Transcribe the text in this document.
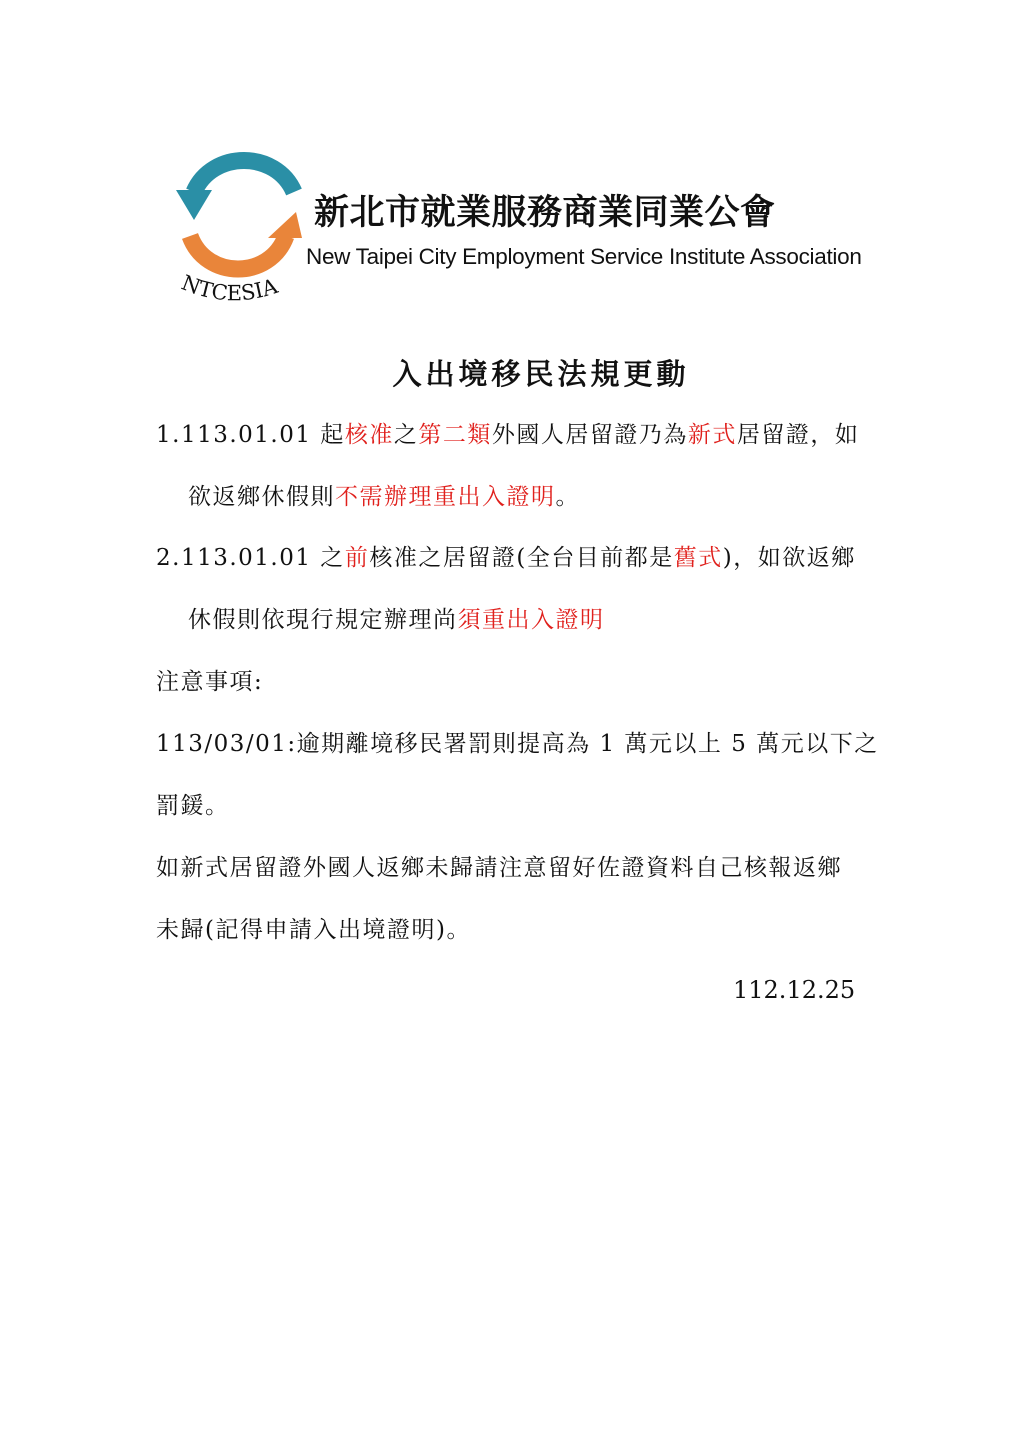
NTCESIA
新北市就業服務商業同業公會
New Taipei City Employment Service Institute Association
入出境移民法規更動
1.113.01.01 起核准之第二類外國人居留證乃為新式居留證，如
欲返鄉休假則不需辦理重出入證明。
2.113.01.01 之前核准之居留證(全台目前都是舊式)，如欲返鄉
休假則依現行規定辦理尚須重出入證明
注意事項:
113/03/01:逾期離境移民署罰則提高為 1 萬元以上 5 萬元以下之
罰鍰。
如新式居留證外國人返鄉未歸請注意留好佐證資料自己核報返鄉
未歸(記得申請入出境證明)。
112.12.25
